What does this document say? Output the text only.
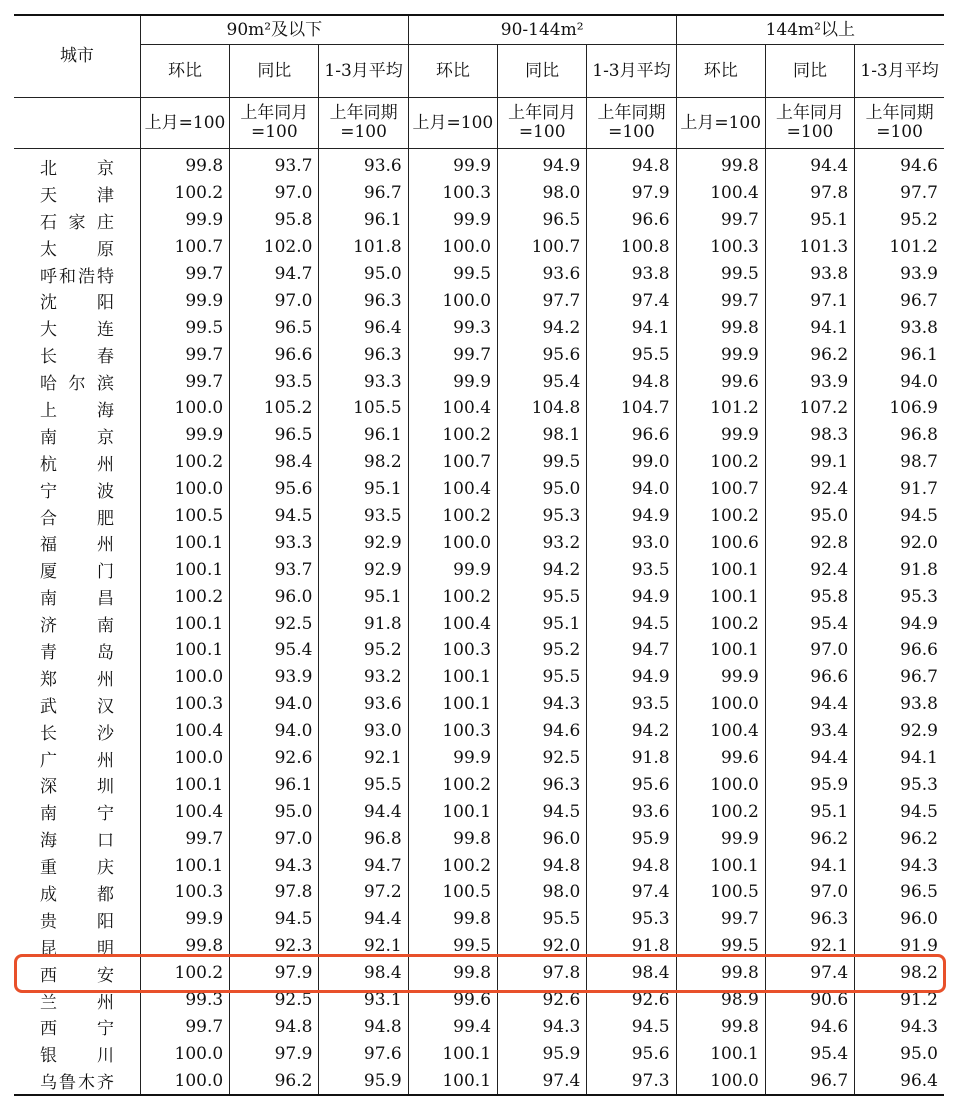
城市	90m²及以下			90-144m²			144m²以上		
	环比	同比	1-3月平均	环比	同比	1-3月平均	环比	同比	1-3月平均
	上月=100	上年同月=100	上年同期=100	上月=100	上年同月=100	上年同期=100	上月=100	上年同月=100	上年同期=100
北京	99.8	93.7	93.6	99.9	94.9	94.8	99.8	94.4	94.6
天津	100.2	97.0	96.7	100.3	98.0	97.9	100.4	97.8	97.7
石家庄	99.9	95.8	96.1	99.9	96.5	96.6	99.7	95.1	95.2
太原	100.7	102.0	101.8	100.0	100.7	100.8	100.3	101.3	101.2
呼和浩特	99.7	94.7	95.0	99.5	93.6	93.8	99.5	93.8	93.9
沈阳	99.9	97.0	96.3	100.0	97.7	97.4	99.7	97.1	96.7
大连	99.5	96.5	96.4	99.3	94.2	94.1	99.8	94.1	93.8
长春	99.7	96.6	96.3	99.7	95.6	95.5	99.9	96.2	96.1
哈尔滨	99.7	93.5	93.3	99.9	95.4	94.8	99.6	93.9	94.0
上海	100.0	105.2	105.5	100.4	104.8	104.7	101.2	107.2	106.9
南京	99.9	96.5	96.1	100.2	98.1	96.6	99.9	98.3	96.8
杭州	100.2	98.4	98.2	100.7	99.5	99.0	100.2	99.1	98.7
宁波	100.0	95.6	95.1	100.4	95.0	94.0	100.7	92.4	91.7
合肥	100.5	94.5	93.5	100.2	95.3	94.9	100.2	95.0	94.5
福州	100.1	93.3	92.9	100.0	93.2	93.0	100.6	92.8	92.0
厦门	100.1	93.7	92.9	99.9	94.2	93.5	100.1	92.4	91.8
南昌	100.2	96.0	95.1	100.2	95.5	94.9	100.1	95.8	95.3
济南	100.1	92.5	91.8	100.4	95.1	94.5	100.2	95.4	94.9
青岛	100.1	95.4	95.2	100.3	95.2	94.7	100.1	97.0	96.6
郑州	100.0	93.9	93.2	100.1	95.5	94.9	99.9	96.6	96.7
武汉	100.3	94.0	93.6	100.1	94.3	93.5	100.0	94.4	93.8
长沙	100.4	94.0	93.0	100.3	94.6	94.2	100.4	93.4	92.9
广州	100.0	92.6	92.1	99.9	92.5	91.8	99.6	94.4	94.1
深圳	100.1	96.1	95.5	100.2	96.3	95.6	100.0	95.9	95.3
南宁	100.4	95.0	94.4	100.1	94.5	93.6	100.2	95.1	94.5
海口	99.7	97.0	96.8	99.8	96.0	95.9	99.9	96.2	96.2
重庆	100.1	94.3	94.7	100.2	94.8	94.8	100.1	94.1	94.3
成都	100.3	97.8	97.2	100.5	98.0	97.4	100.5	97.0	96.5
贵阳	99.9	94.5	94.4	99.8	95.5	95.3	99.7	96.3	96.0
昆明	99.8	92.3	92.1	99.5	92.0	91.8	99.5	92.1	91.9
西安	100.2	97.9	98.4	99.8	97.8	98.4	99.8	97.4	98.2
兰州	99.3	92.5	93.1	99.6	92.6	92.6	98.9	90.6	91.2
西宁	99.7	94.8	94.8	99.4	94.3	94.5	99.8	94.6	94.3
银川	100.0	97.9	97.6	100.1	95.9	95.6	100.1	95.4	95.0
乌鲁木齐	100.0	96.2	95.9	100.1	97.4	97.3	100.0	96.7	96.4
